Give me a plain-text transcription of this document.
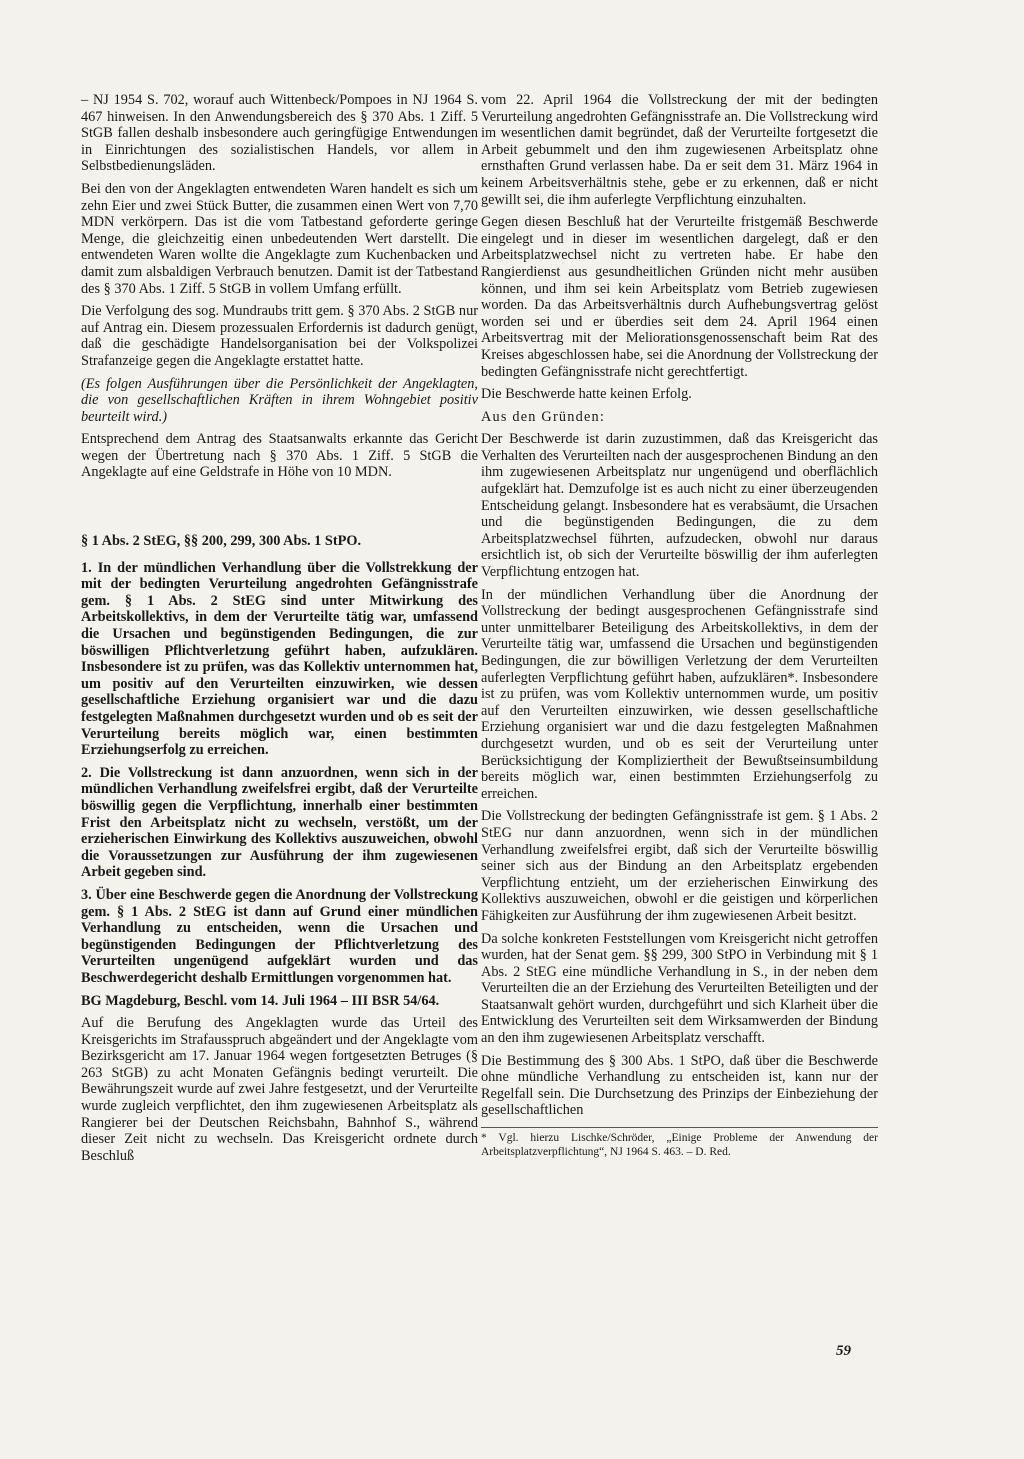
– NJ 1954 S. 702, worauf auch Wittenbeck/Pompoes in NJ 1964 S. 467 hinweisen. In den Anwendungsbereich des § 370 Abs. 1 Ziff. 5 StGB fallen deshalb insbesondere auch geringfügige Entwendungen in Einrichtungen des sozialistischen Handels, vor allem in Selbstbedienungsläden.

Bei den von der Angeklagten entwendeten Waren handelt es sich um zehn Eier und zwei Stück Butter, die zusammen einen Wert von 7,70 MDN verkörpern. Das ist die vom Tatbestand geforderte geringe Menge, die gleichzeitig einen unbedeutenden Wert darstellt. Die entwendeten Waren wollte die Angeklagte zum Kuchenbacken und damit zum alsbaldigen Verbrauch benutzen. Damit ist der Tatbestand des § 370 Abs. 1 Ziff. 5 StGB in vollem Umfang erfüllt.

Die Verfolgung des sog. Mundraubs tritt gem. § 370 Abs. 2 StGB nur auf Antrag ein. Diesem prozessualen Erfordernis ist dadurch genügt, daß die geschädigte Handelsorganisation bei der Volkspolizei Strafanzeige gegen die Angeklagte erstattet hatte.

(Es folgen Ausführungen über die Persönlichkeit der Angeklagten, die von gesellschaftlichen Kräften in ihrem Wohngebiet positiv beurteilt wird.)

Entsprechend dem Antrag des Staatsanwalts erkannte das Gericht wegen der Übertretung nach § 370 Abs. 1 Ziff. 5 StGB die Angeklagte auf eine Geldstrafe in Höhe von 10 MDN.

§ 1 Abs. 2 StEG, §§ 200, 299, 300 Abs. 1 StPO.

1. In der mündlichen Verhandlung über die Vollstrekkung der mit der bedingten Verurteilung angedrohten Gefängnisstrafe gem. § 1 Abs. 2 StEG sind unter Mitwirkung des Arbeitskollektivs, in dem der Verurteilte tätig war, umfassend die Ursachen und begünstigenden Bedingungen, die zur böswilligen Pflichtverletzung geführt haben, aufzuklären. Insbesondere ist zu prüfen, was das Kollektiv unternommen hat, um positiv auf den Verurteilten einzuwirken, wie dessen gesellschaftliche Erziehung organisiert war und die dazu festgelegten Maßnahmen durchgesetzt wurden und ob es seit der Verurteilung bereits möglich war, einen bestimmten Erziehungserfolg zu erreichen.

2. Die Vollstreckung ist dann anzuordnen, wenn sich in der mündlichen Verhandlung zweifelsfrei ergibt, daß der Verurteilte böswillig gegen die Verpflichtung, innerhalb einer bestimmten Frist den Arbeitsplatz nicht zu wechseln, verstößt, um der erzieherischen Einwirkung des Kollektivs auszuweichen, obwohl die Voraussetzungen zur Ausführung der ihm zugewiesenen Arbeit gegeben sind.

3. Über eine Beschwerde gegen die Anordnung der Vollstreckung gem. § 1 Abs. 2 StEG ist dann auf Grund einer mündlichen Verhandlung zu entscheiden, wenn die Ursachen und begünstigenden Bedingungen der Pflichtverletzung des Verurteilten ungenügend aufgeklärt wurden und das Beschwerdegericht deshalb Ermittlungen vorgenommen hat.

BG Magdeburg, Beschl. vom 14. Juli 1964 – III BSR 54/64.

Auf die Berufung des Angeklagten wurde das Urteil des Kreisgerichts im Strafausspruch abgeändert und der Angeklagte vom Bezirksgericht am 17. Januar 1964 wegen fortgesetzten Betruges (§ 263 StGB) zu acht Monaten Gefängnis bedingt verurteilt. Die Bewährungszeit wurde auf zwei Jahre festgesetzt, und der Verurteilte wurde zugleich verpflichtet, den ihm zugewiesenen Arbeitsplatz als Rangierer bei der Deutschen Reichsbahn, Bahnhof S., während dieser Zeit nicht zu wechseln. Das Kreisgericht ordnete durch Beschluß

vom 22. April 1964 die Vollstreckung der mit der bedingten Verurteilung angedrohten Gefängnisstrafe an. Die Vollstreckung wird im wesentlichen damit begründet, daß der Verurteilte fortgesetzt die Arbeit gebummelt und den ihm zugewiesenen Arbeitsplatz ohne ernsthaften Grund verlassen habe. Da er seit dem 31. März 1964 in keinem Arbeitsverhältnis stehe, gebe er zu erkennen, daß er nicht gewillt sei, die ihm auferlegte Verpflichtung einzuhalten.

Gegen diesen Beschluß hat der Verurteilte fristgemäß Beschwerde eingelegt und in dieser im wesentlichen dargelegt, daß er den Arbeitsplatzwechsel nicht zu vertreten habe. Er habe den Rangierdienst aus gesundheitlichen Gründen nicht mehr ausüben können, und ihm sei kein Arbeitsplatz vom Betrieb zugewiesen worden. Da das Arbeitsverhältnis durch Aufhebungsvertrag gelöst worden sei und er überdies seit dem 24. April 1964 einen Arbeitsvertrag mit der Meliorationsgenossenschaft beim Rat des Kreises abgeschlossen habe, sei die Anordnung der Vollstreckung der bedingten Gefängnisstrafe nicht gerechtfertigt.

Die Beschwerde hatte keinen Erfolg.

Aus den Gründen:

Der Beschwerde ist darin zuzustimmen, daß das Kreisgericht das Verhalten des Verurteilten nach der ausgesprochenen Bindung an den ihm zugewiesenen Arbeitsplatz nur ungenügend und oberflächlich aufgeklärt hat. Demzufolge ist es auch nicht zu einer überzeugenden Entscheidung gelangt. Insbesondere hat es verabsäumt, die Ursachen und die begünstigenden Bedingungen, die zu dem Arbeitsplatzwechsel führten, aufzudecken, obwohl nur daraus ersichtlich ist, ob sich der Verurteilte böswillig der ihm auferlegten Verpflichtung entzogen hat.

In der mündlichen Verhandlung über die Anordnung der Vollstreckung der bedingt ausgesprochenen Gefängnisstrafe sind unter unmittelbarer Beteiligung des Arbeitskollektivs, in dem der Verurteilte tätig war, umfassend die Ursachen und begünstigenden Bedingungen, die zur böwilligen Verletzung der dem Verurteilten auferlegten Verpflichtung geführt haben, aufzuklären*. Insbesondere ist zu prüfen, was vom Kollektiv unternommen wurde, um positiv auf den Verurteilten einzuwirken, wie dessen gesellschaftliche Erziehung organisiert war und die dazu festgelegten Maßnahmen durchgesetzt wurden, und ob es seit der Verurteilung unter Berücksichtigung der Kompliziertheit der Bewußtseinsumbildung bereits möglich war, einen bestimmten Erziehungserfolg zu erreichen.

Die Vollstreckung der bedingten Gefängnisstrafe ist gem. § 1 Abs. 2 StEG nur dann anzuordnen, wenn sich in der mündlichen Verhandlung zweifelsfrei ergibt, daß sich der Verurteilte böswillig seiner sich aus der Bindung an den Arbeitsplatz ergebenden Verpflichtung entzieht, um der erzieherischen Einwirkung des Kollektivs auszuweichen, obwohl er die geistigen und körperlichen Fähigkeiten zur Ausführung der ihm zugewiesenen Arbeit besitzt.

Da solche konkreten Feststellungen vom Kreisgericht nicht getroffen wurden, hat der Senat gem. §§ 299, 300 StPO in Verbindung mit § 1 Abs. 2 StEG eine mündliche Verhandlung in S., in der neben dem Verurteilten die an der Erziehung des Verurteilten Beteiligten und der Staatsanwalt gehört wurden, durchgeführt und sich Klarheit über die Entwicklung des Verurteilten seit dem Wirksamwerden der Bindung an den ihm zugewiesenen Arbeitsplatz verschafft.

Die Bestimmung des § 300 Abs. 1 StPO, daß über die Beschwerde ohne mündliche Verhandlung zu entscheiden ist, kann nur der Regelfall sein. Die Durchsetzung des Prinzips der Einbeziehung der gesellschaftlichen

* Vgl. hierzu Lischke/Schröder, „Einige Probleme der Anwendung der Arbeitsplatzverpflichtung“, NJ 1964 S. 463. – D. Red.

59
